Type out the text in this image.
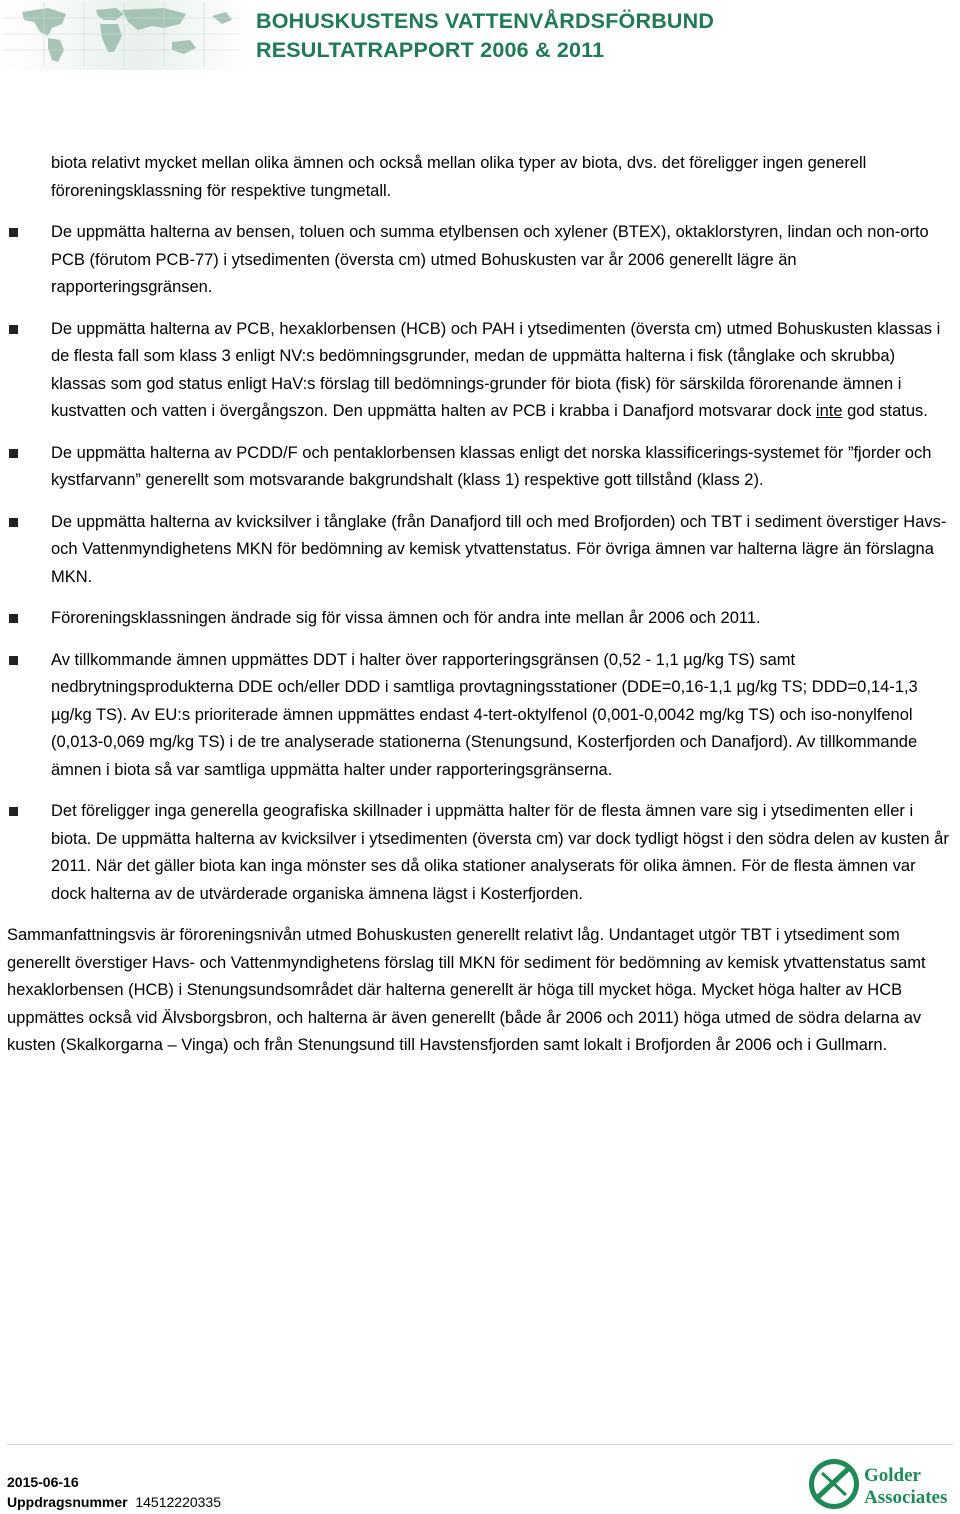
BOHUSKUSTENS VATTENVÅRDSFÖRBUND
RESULTATRAPPORT 2006 & 2011

biota relativt mycket mellan olika ämnen och också mellan olika typer av biota, dvs. det föreligger ingen generell föroreningsklassning för respektive tungmetall.

De uppmätta halterna av bensen, toluen och summa etylbensen och xylener (BTEX), oktaklorstyren, lindan och non-orto PCB (förutom PCB-77) i ytsedimenten (översta cm) utmed Bohuskusten var år 2006 generellt lägre än rapporteringsgränsen.
De uppmätta halterna av PCB, hexaklorbensen (HCB) och PAH i ytsedimenten (översta cm) utmed Bohuskusten klassas i de flesta fall som klass 3 enligt NV:s bedömningsgrunder, medan de uppmätta halterna i fisk (tånglake och skrubba) klassas som god status enligt HaV:s förslag till bedömnings-grunder för biota (fisk) för särskilda förorenande ämnen i kustvatten och vatten i övergångszon. Den uppmätta halten av PCB i krabba i Danafjord motsvarar dock inte god status.
De uppmätta halterna av PCDD/F och pentaklorbensen klassas enligt det norska klassificerings-systemet för ”fjorder och kystfarvann” generellt som motsvarande bakgrundshalt (klass 1) respektive gott tillstånd (klass 2).
De uppmätta halterna av kvicksilver i tånglake (från Danafjord till och med Brofjorden) och TBT i sediment överstiger Havs- och Vattenmyndighetens MKN för bedömning av kemisk ytvattenstatus. För övriga ämnen var halterna lägre än förslagna MKN.
Föroreningsklassningen ändrade sig för vissa ämnen och för andra inte mellan år 2006 och 2011.
Av tillkommande ämnen uppmättes DDT i halter över rapporteringsgränsen (0,52 - 1,1 µg/kg TS) samt nedbrytningsprodukterna DDE och/eller DDD i samtliga provtagningsstationer (DDE=0,16-1,1 µg/kg TS; DDD=0,14-1,3 µg/kg TS). Av EU:s prioriterade ämnen uppmättes endast 4-tert-oktylfenol (0,001-0,0042 mg/kg TS) och iso-nonylfenol (0,013-0,069 mg/kg TS) i de tre analyserade stationerna (Stenungsund, Kosterfjorden och Danafjord). Av tillkommande ämnen i biota så var samtliga uppmätta halter under rapporteringsgränserna.
Det föreligger inga generella geografiska skillnader i uppmätta halter för de flesta ämnen vare sig i ytsedimenten eller i biota. De uppmätta halterna av kvicksilver i ytsedimenten (översta cm) var dock tydligt högst i den södra delen av kusten år 2011. När det gäller biota kan inga mönster ses då olika stationer analyserats för olika ämnen. För de flesta ämnen var dock halterna av de utvärderade organiska ämnena lägst i Kosterfjorden.

Sammanfattningsvis är föroreningsnivån utmed Bohuskusten generellt relativt låg. Undantaget utgör TBT i ytsediment som generellt överstiger Havs- och Vattenmyndighetens förslag till MKN för sediment för bedömning av kemisk ytvattenstatus samt hexaklorbensen (HCB) i Stenungsundsområdet där halterna generellt är höga till mycket höga. Mycket höga halter av HCB uppmättes också vid Älvsborgsbron, och halterna är även generellt (både år 2006 och 2011) höga utmed de södra delarna av kusten (Skalkorgarna – Vinga) och från Stenungsund till Havstensfjorden samt lokalt i Brofjorden år 2006 och i Gullmarn.

2015-06-16
Uppdragsnummer 14512220335
Golder
Associates
